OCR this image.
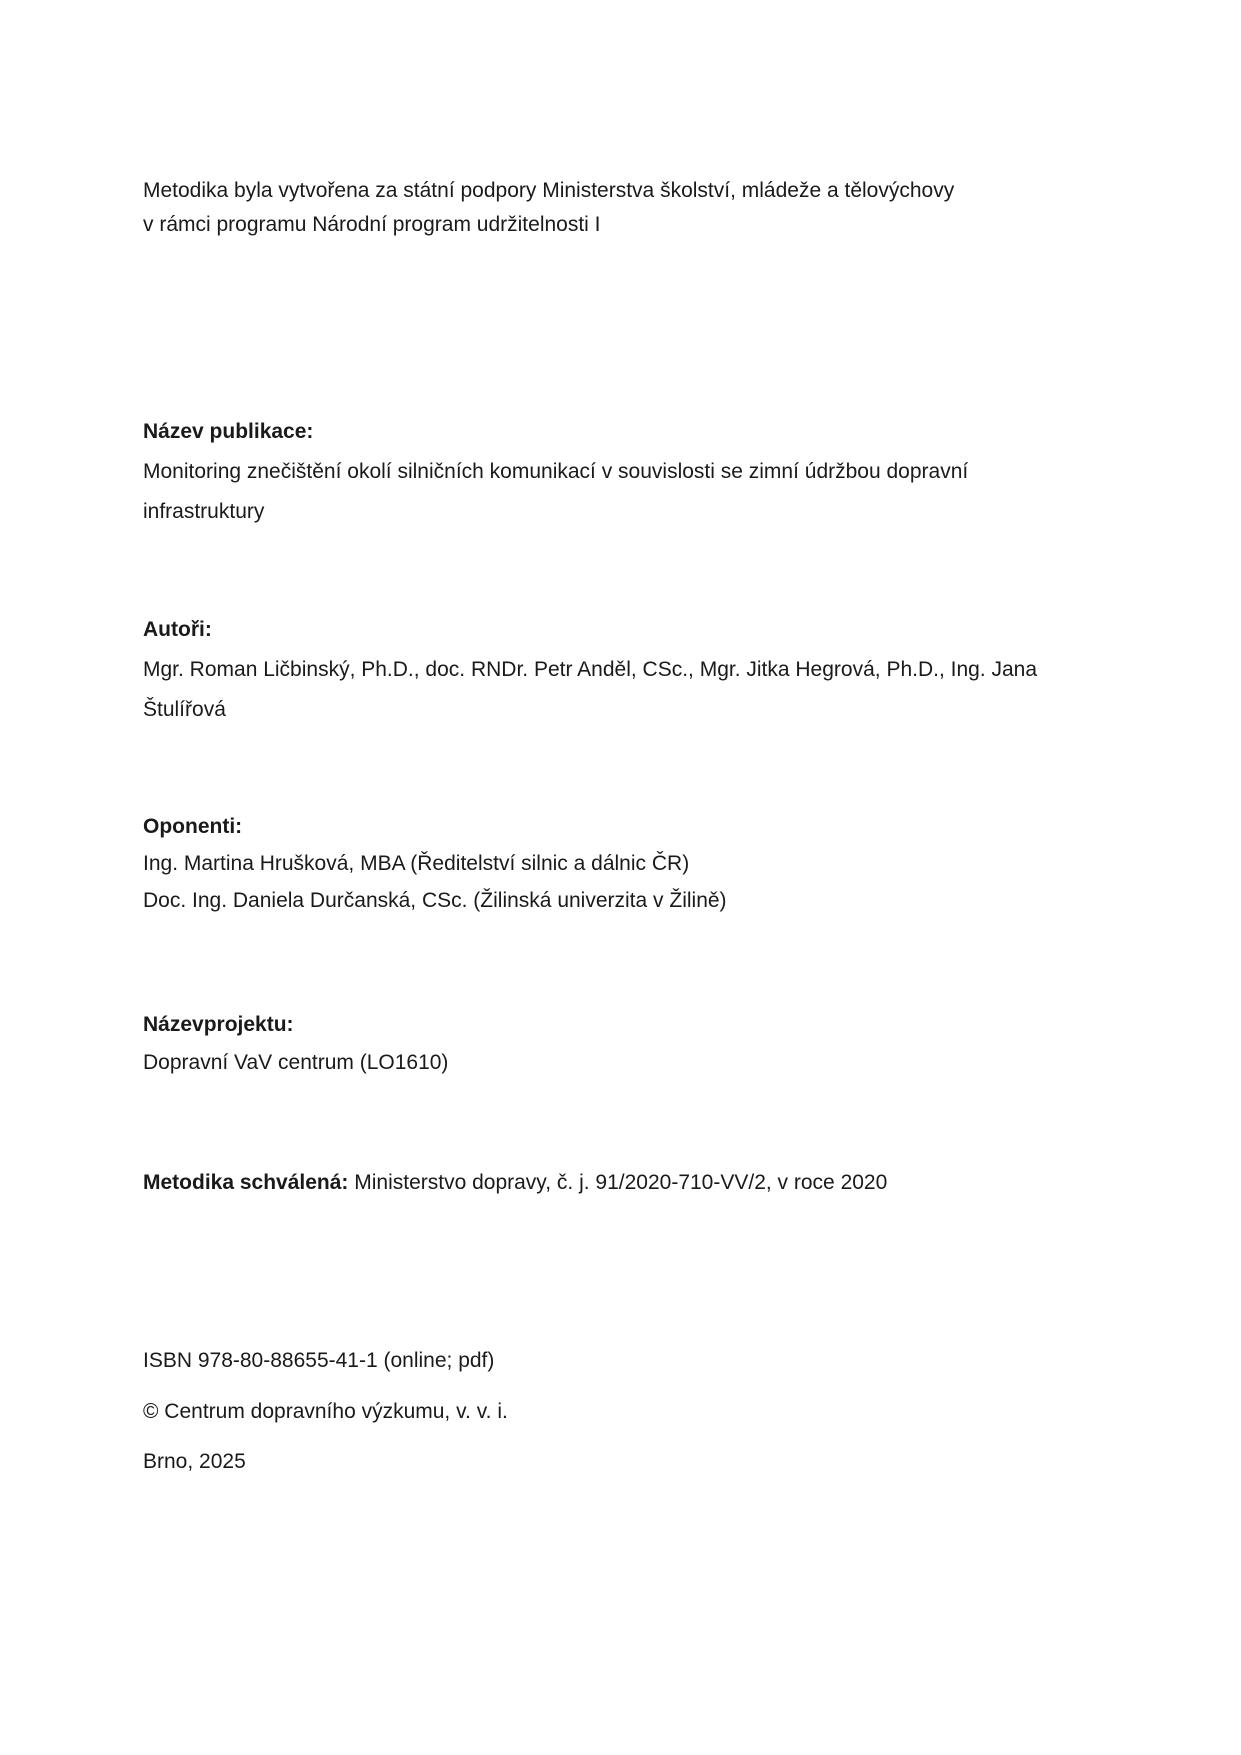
Metodika byla vytvořena za státní podpory Ministerstva školství, mládeže a tělovýchovy
v rámci programu Národní program udržitelnosti I
Název publikace:
Monitoring znečištění okolí silničních komunikací v souvislosti se zimní údržbou dopravní
infrastruktury
Autoři:
Mgr. Roman Ličbinský, Ph.D., doc. RNDr. Petr Anděl, CSc., Mgr. Jitka Hegrová, Ph.D., Ing. Jana
Štulířová
Oponenti:
Ing. Martina Hrušková, MBA (Ředitelství silnic a dálnic ČR)
Doc. Ing. Daniela Durčanská, CSc. (Žilinská univerzita v Žilině)
Názevprojektu:
Dopravní VaV centrum (LO1610)
Metodika schválená: Ministerstvo dopravy, č. j. 91/2020-710-VV/2, v roce 2020
ISBN 978-80-88655-41-1 (online; pdf)
© Centrum dopravního výzkumu, v. v. i.
Brno, 2025
